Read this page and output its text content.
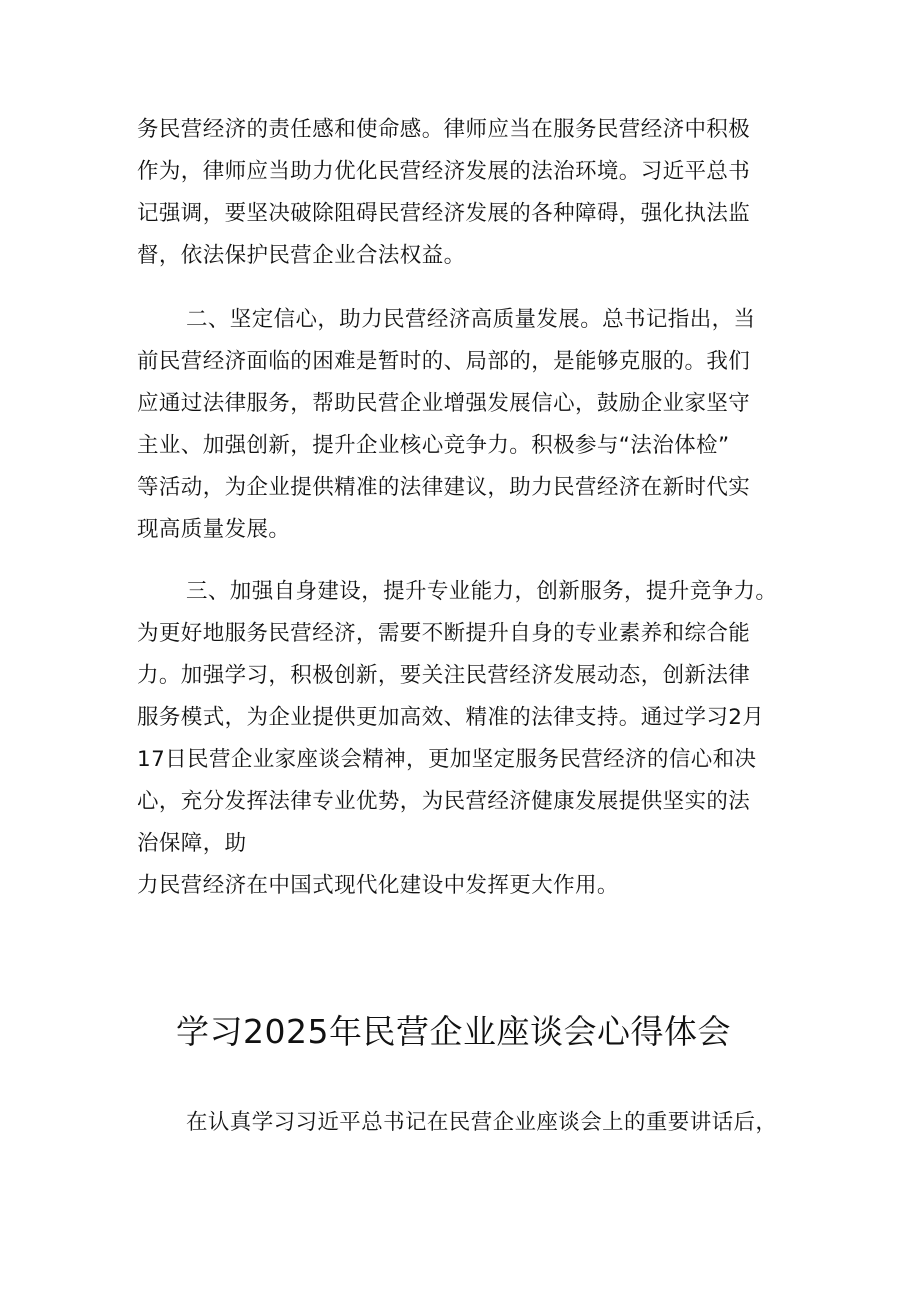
务民营经济的责任感和使命感。律师应当在服务民营经济中积极
作为，律师应当助力优化民营经济发展的法治环境。习近平总书
记强调，要坚决破除阻碍民营经济发展的各种障碍，强化执法监
督，依法保护民营企业合法权益。
二、坚定信心，助力民营经济高质量发展。总书记指出，当
前民营经济面临的困难是暂时的、局部的，是能够克服的。我们
应通过法律服务，帮助民营企业增强发展信心，鼓励企业家坚守
主业、加强创新，提升企业核心竞争力。积极参与“法治体检”
等活动，为企业提供精准的法律建议，助力民营经济在新时代实
现高质量发展。
三、加强自身建设，提升专业能力，创新服务，提升竞争力。
为更好地服务民营经济，需要不断提升自身的专业素养和综合能
力。加强学习，积极创新，要关注民营经济发展动态，创新法律
服务模式，为企业提供更加高效、精准的法律支持。通过学习2月
17日民营企业家座谈会精神，更加坚定服务民营经济的信心和决
心，充分发挥法律专业优势，为民营经济健康发展提供坚实的法
治保障，助
力民营经济在中国式现代化建设中发挥更大作用。
学习2025年民营企业座谈会心得体会
在认真学习习近平总书记在民营企业座谈会上的重要讲话后，
